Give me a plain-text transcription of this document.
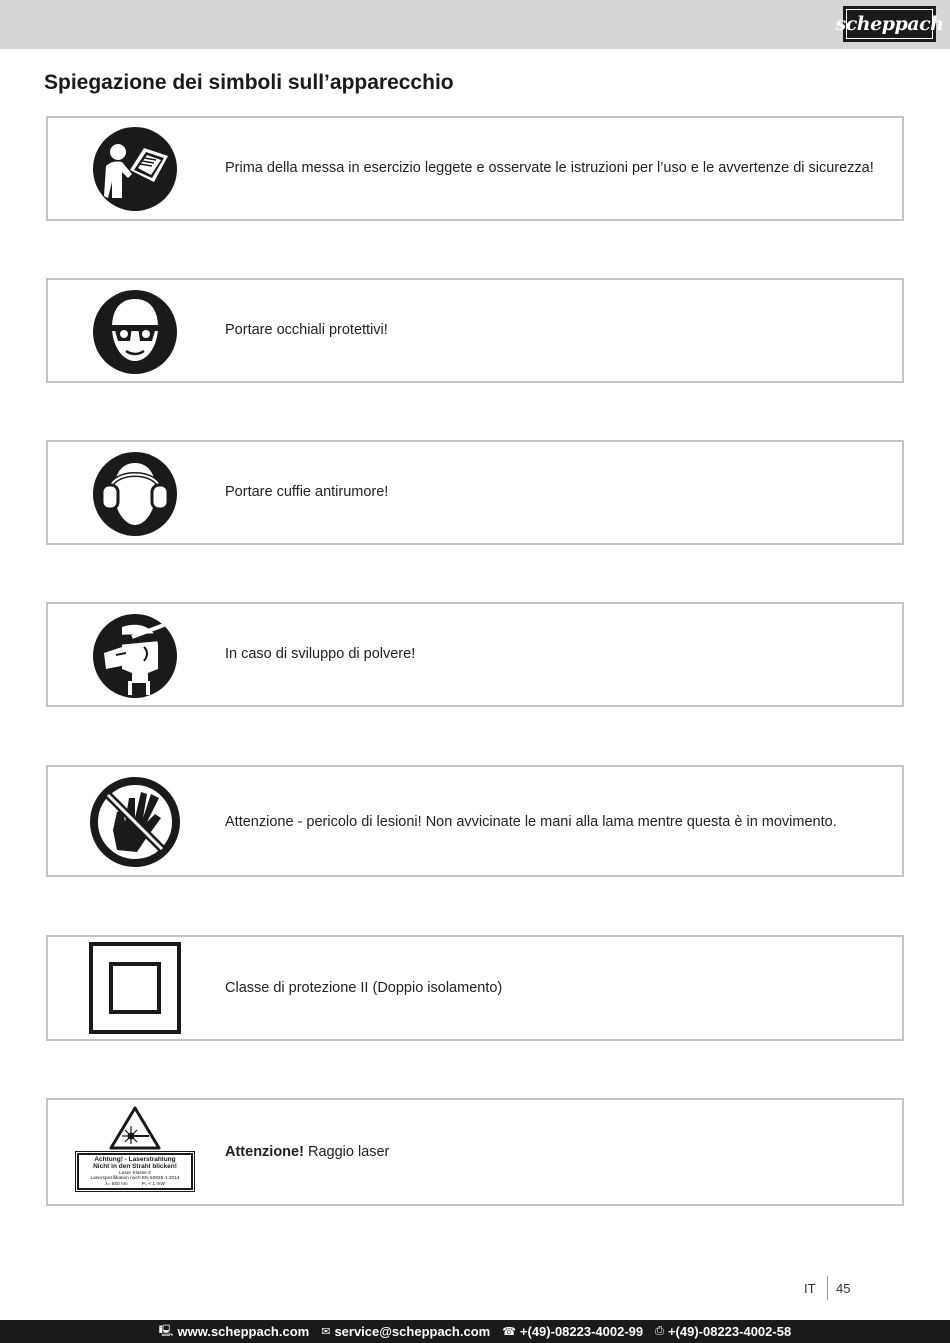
scheppach
Spiegazione dei simboli sull’apparecchio
Prima della messa in esercizio leggete e osservate le istruzioni per l’uso e le avvertenze di sicurezza!
Portare occhiali protettivi!
Portare cuffie antirumore!
In caso di sviluppo di polvere!
Attenzione - pericolo di lesioni! Non avvicinate le mani alla lama mentre questa è in movimento.
Classe di protezione II (Doppio isolamento)
Achtung! - Laserstrahlung
Nicht in den Strahl blicken!
Laser Klasse 2
Laserspezifikation nach EN 60825-1:2014
λ= 650 nm	P₀ < 1 mW
Attenzione! Raggio laser
IT 45
🖳 www.scheppach.com ✉ service@scheppach.com ☎ +(49)-08223-4002-99 ⎙ +(49)-08223-4002-58
